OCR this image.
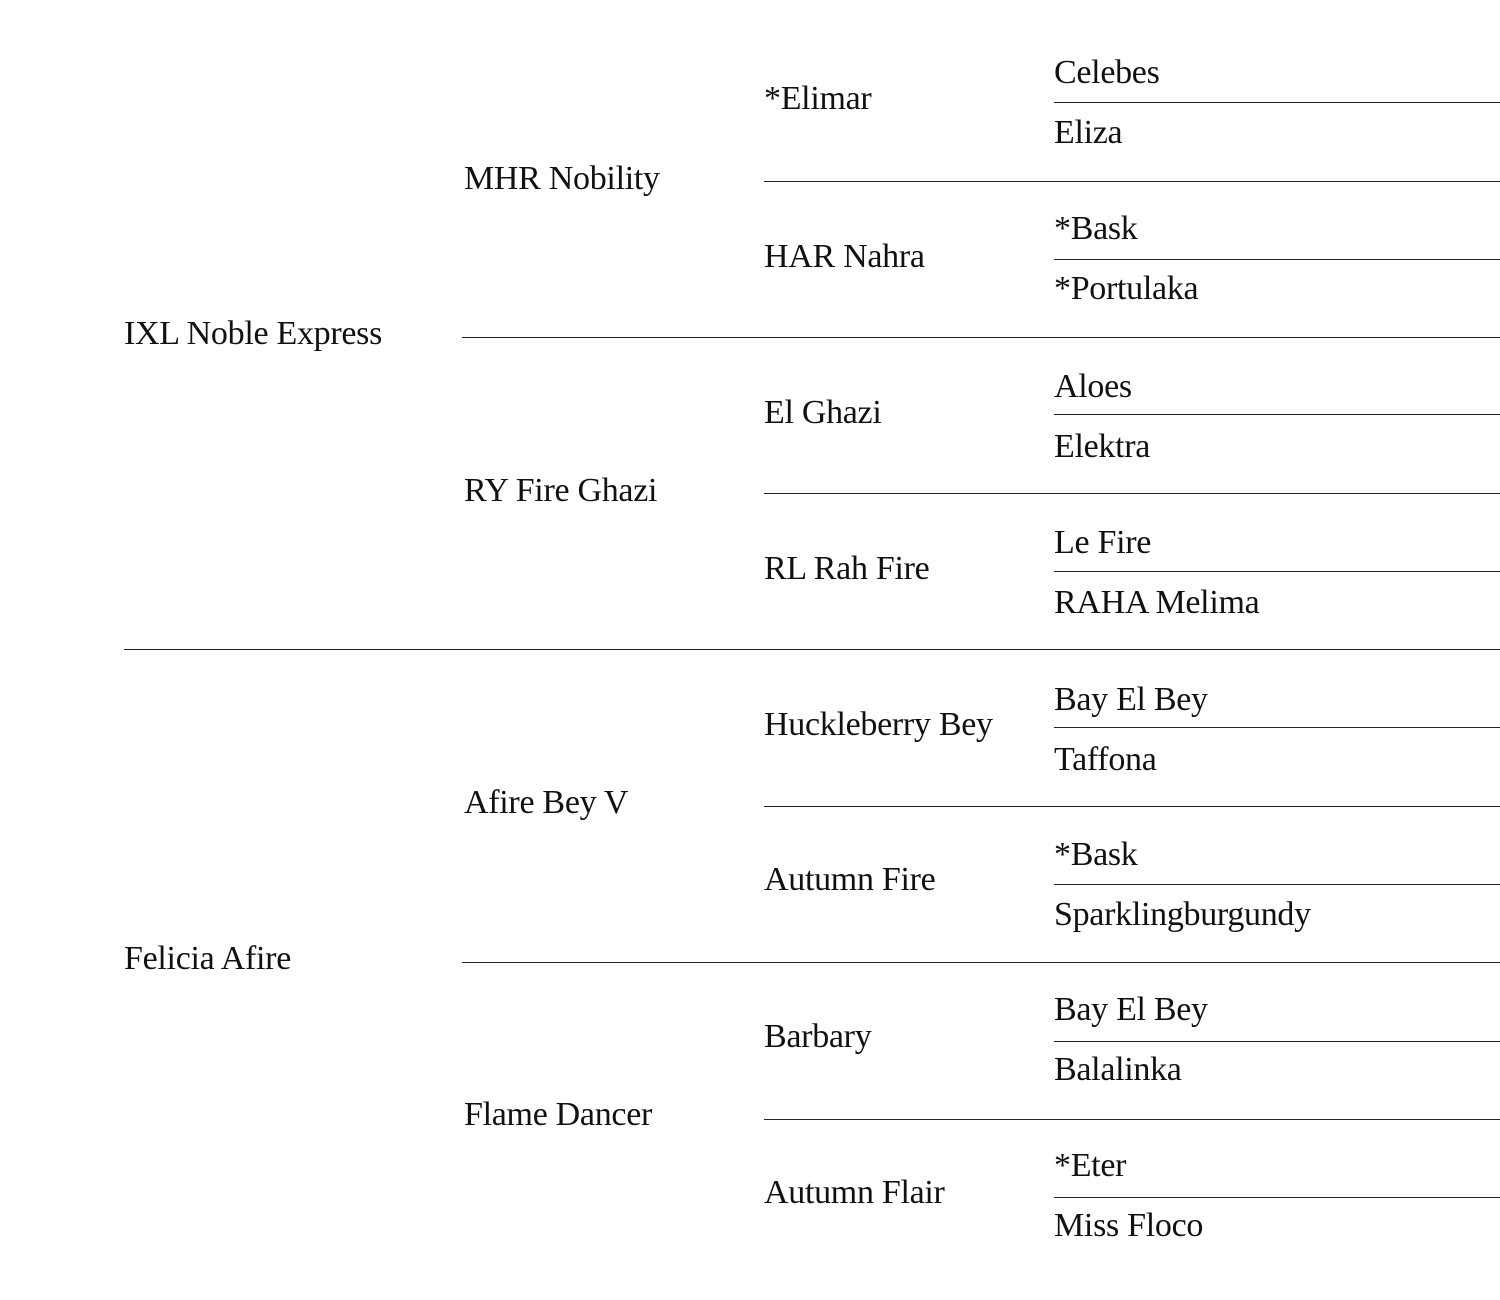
IXL Noble Express
Felicia Afire
MHR Nobility
RY Fire Ghazi
Afire Bey V
Flame Dancer
*Elimar
HAR Nahra
El Ghazi
RL Rah Fire
Huckleberry Bey
Autumn Fire
Barbary
Autumn Flair
Celebes
Eliza
*Bask
*Portulaka
Aloes
Elektra
Le Fire
RAHA Melima
Bay El Bey
Taffona
*Bask
Sparklingburgundy
Bay El Bey
Balalinka
*Eter
Miss Floco
